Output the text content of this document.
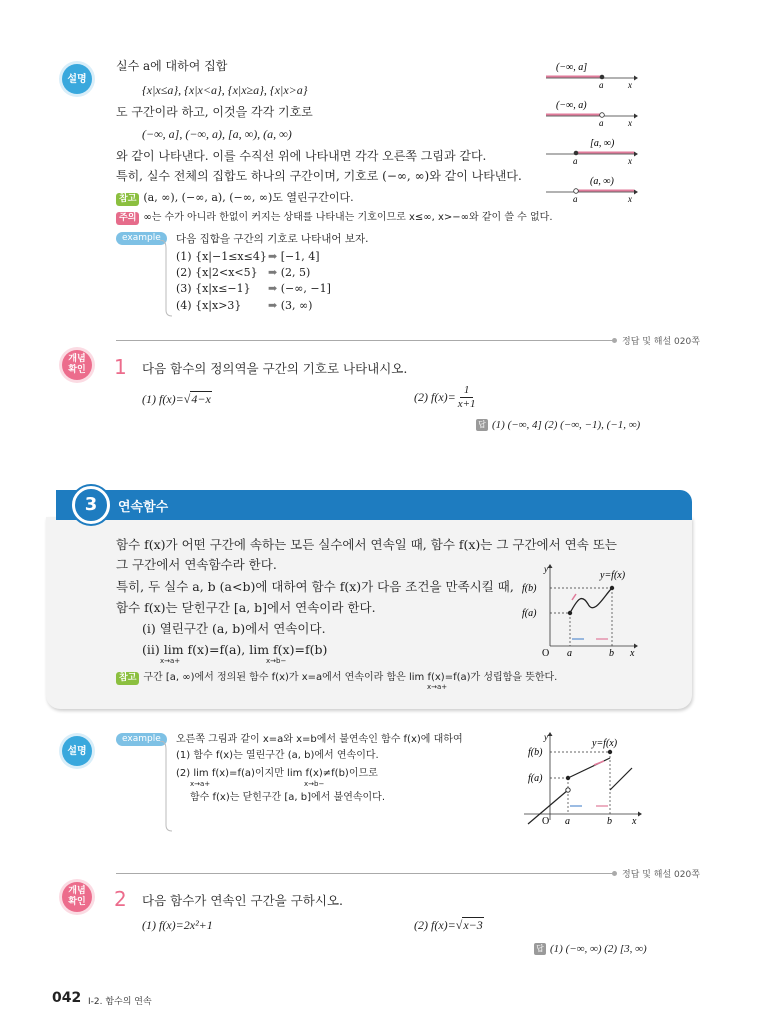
설명
실수 a에 대하여 집합
{x|x≤a}, {x|x<a}, {x|x≥a}, {x|x>a}
도 구간이라 하고, 이것을 각각 기호로
(−∞, a], (−∞, a), [a, ∞), (a, ∞)
와 같이 나타낸다. 이를 수직선 위에 나타내면 각각 오른쪽 그림과 같다.
특히, 실수 전체의 집합도 하나의 구간이며, 기호로 (−∞, ∞)와 같이 나타낸다.
참고 (a, ∞), (−∞, a), (−∞, ∞)도 열린구간이다.
주의 ∞는 수가 아니라 한없이 커지는 상태를 나타내는 기호이므로 x≤∞, x>−∞와 같이 쓸 수 없다.
(−∞, a]
a	x
(−∞, a)
a	x
[a, ∞)
a	x
(a, ∞)
a	x
example	다음 집합을 구간의 기호로 나타내어 보자.
(1) {x|−1≤x≤4}➡ [−1, 4]
(2) {x|2<x<5} ➡ (2, 5)
(3) {x|x≤−1} ➡ (−∞, −1]
(4) {x|x>3} ➡ (3, ∞)
정답 및 해설 020쪽
개념 확인 1 다음 함수의 정의역을 구간의 기호로 나타내시오.
(1) f(x)=√4−x	(2) $f(x)= \frac{1}{x+1}$
답 (1) (−∞, 4] (2) (−∞, −1), (−1, ∞)
3	연속함수
함수 f(x)가 어떤 구간에 속하는 모든 실수에서 연속일 때, 함수 f(x)는 그 구간에서 연속 또는
그 구간에서 연속함수라 한다.
특히, 두 실수 a, b (a<b)에 대하여 함수 f(x)가 다음 조건을 만족시킬 때,
함수 f(x)는 닫힌구간 [a, b]에서 연속이라 한다.
(i) 열린구간 (a, b)에서 연속이다.
(ii) lim f(x)=f(a), lim f(x)=f(b)
x→a+	x→b−
참고 구간 [a, ∞)에서 정의된 함수 f(x)가 x=a에서 연속이라 함은 lim f(x)=f(a)가 성립함을 뜻한다.
x→a+
y=f(x)
y
f(b)
f(a)
O a	b x
설명
example	오른쪽 그림과 같이 x=a와 x=b에서 불연속인 함수 f(x)에 대하여
(1) 함수 f(x)는 열린구간 (a, b)에서 연속이다.
(2) lim f(x)=f(a)이지만 lim f(x)≠f(b)이므로
x→a+	x→b−
함수 f(x)는 닫힌구간 [a, b]에서 불연속이다.
y=f(x)
y
f(b)
f(a)
O a	b x
정답 및 해설 020쪽
개념 확인 2 다음 함수가 연속인 구간을 구하시오.
(1) f(x)=2x²+1	(2) f(x)=√x−3
답 (1) (−∞, ∞) (2) [3, ∞)
042 I-2. 함수의 연속
